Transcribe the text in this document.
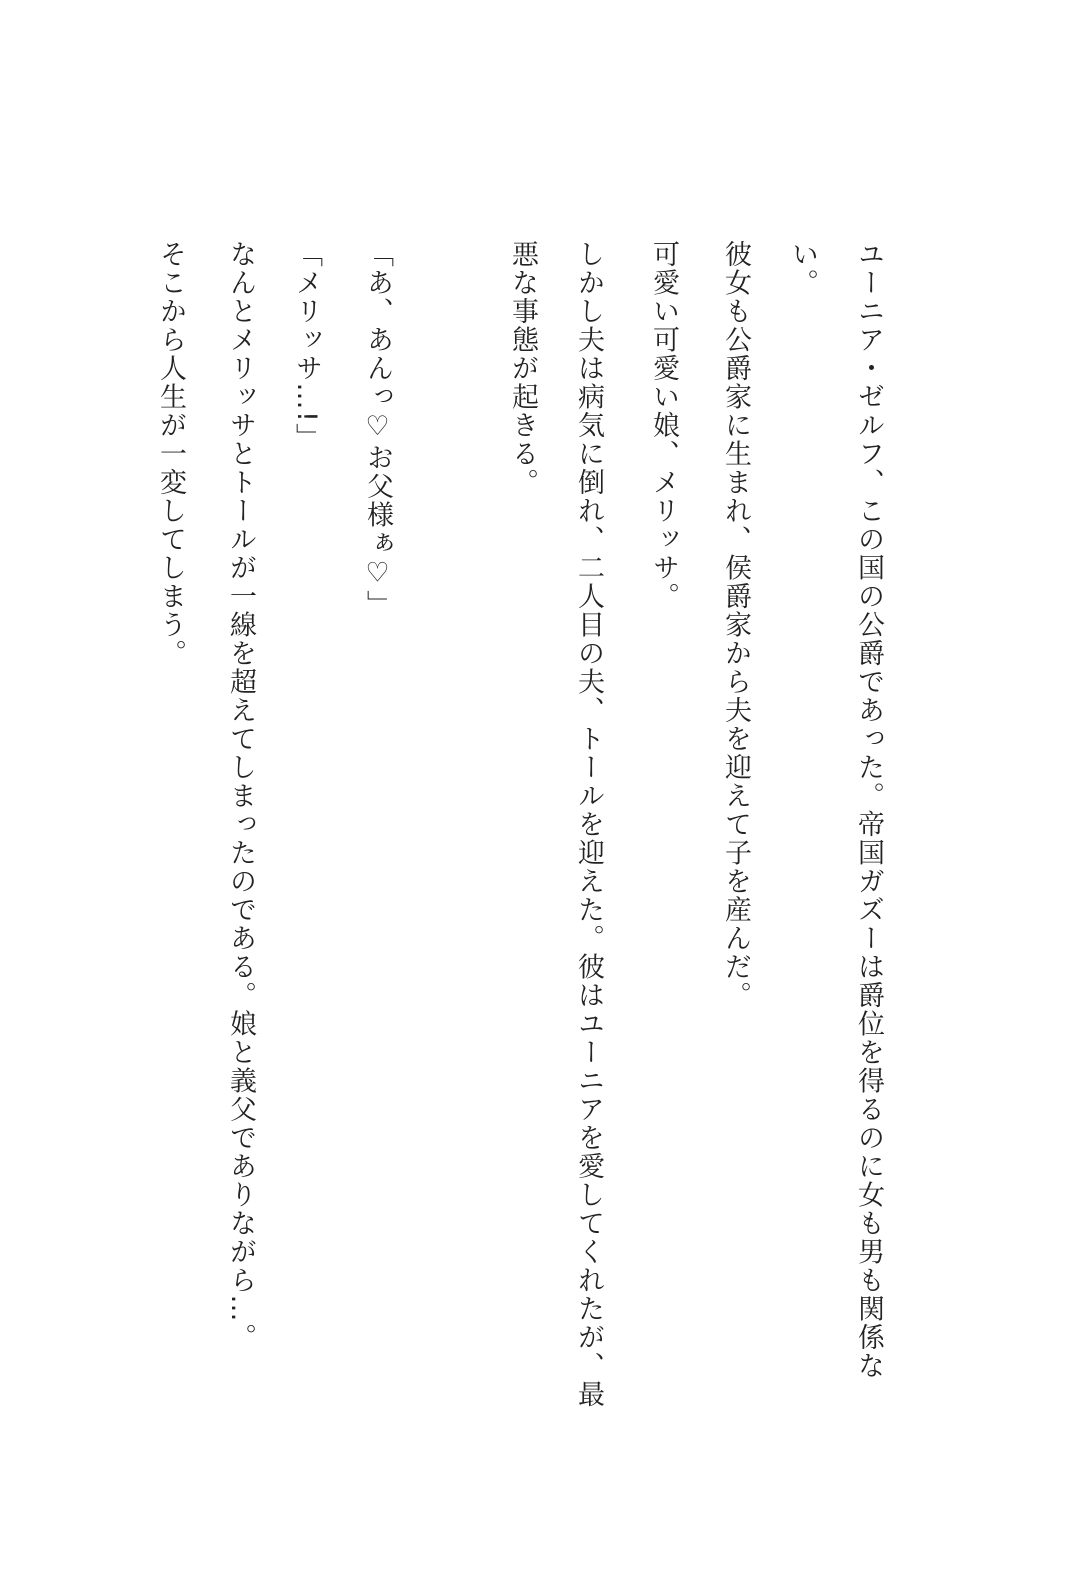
ユーニア・ゼルフ、この国の公爵であった。帝国ガズーは爵位を得るのに女も男も関係な
い。
彼女も公爵家に生まれ、侯爵家から夫を迎えて子を産んだ。
可愛い可愛い娘、メリッサ。
しかし夫は病気に倒れ、二人目の夫、トールを迎えた。彼はユーニアを愛してくれたが、最
悪な事態が起きる。
「あ、あんっ♡お父様ぁ♡」
「メリッサ…!」
なんとメリッサとトールが一線を超えてしまったのである。娘と義父でありながら…。
そこから人生が一変してしまう。
